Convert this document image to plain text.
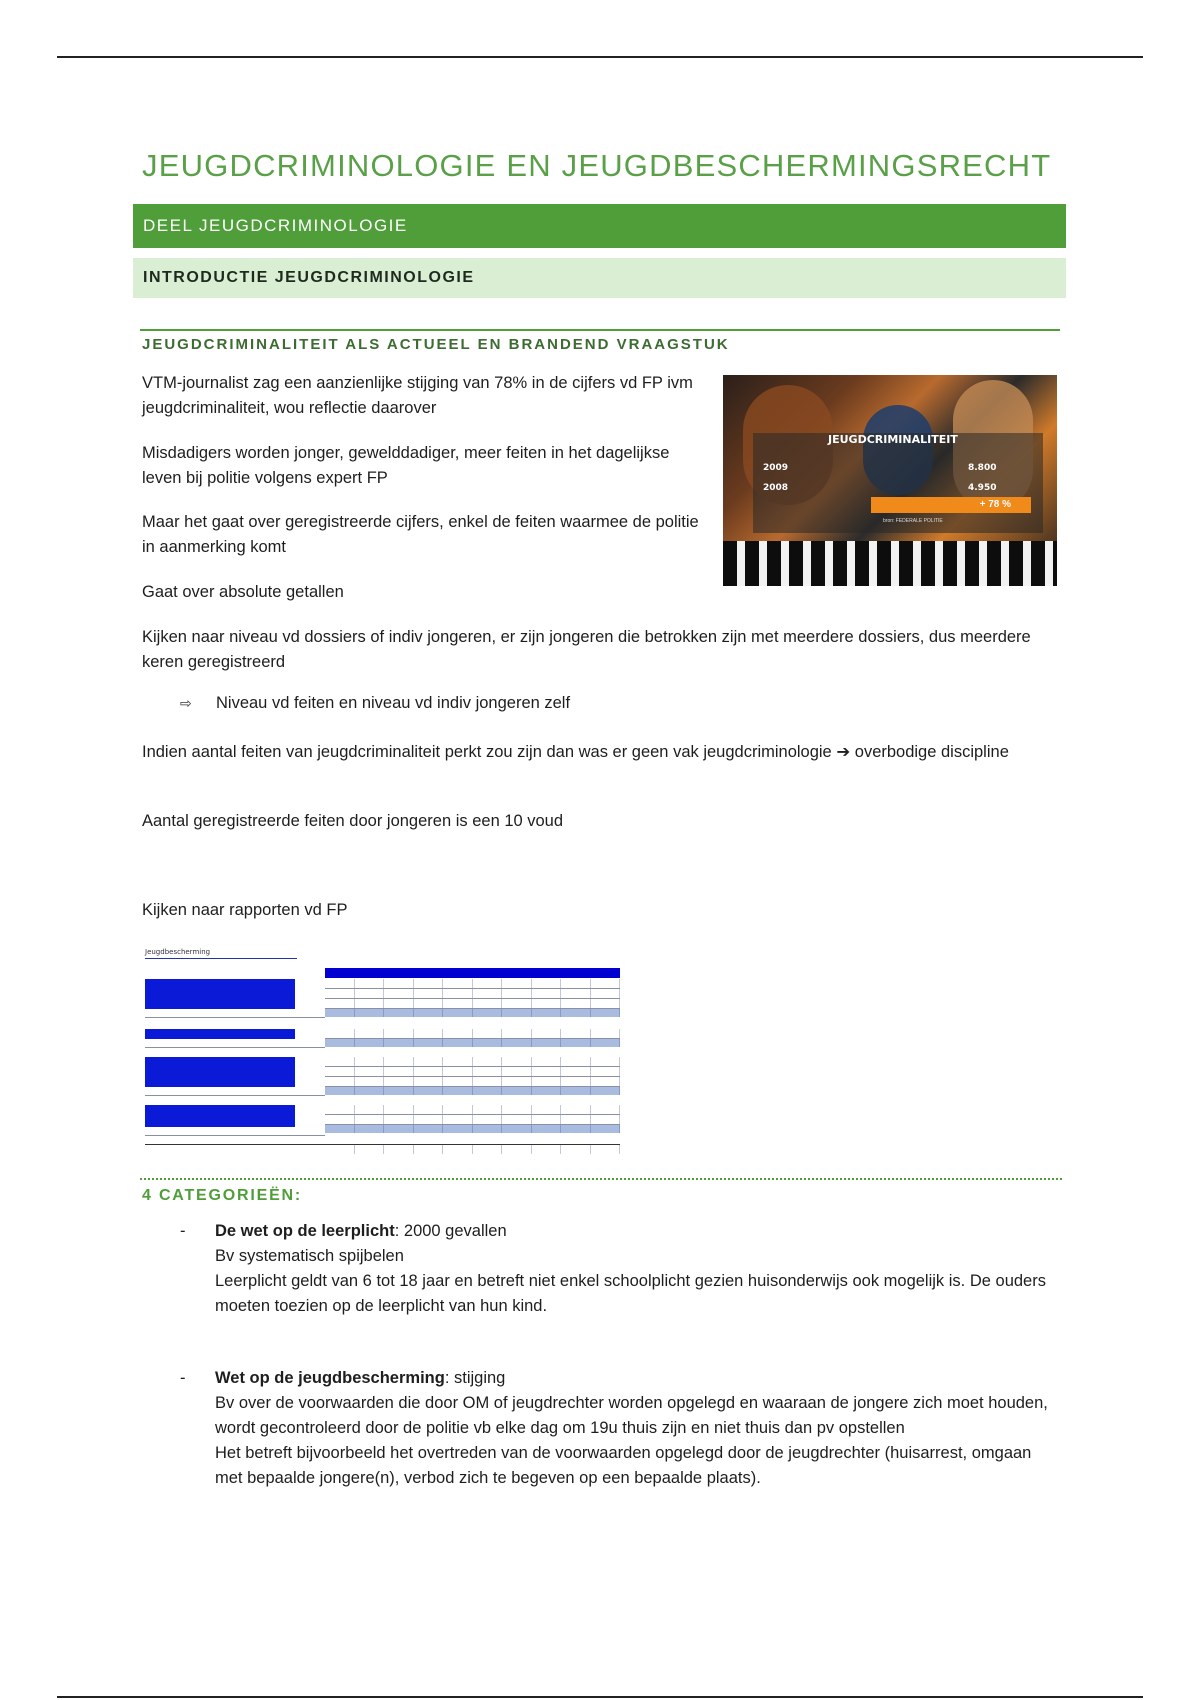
JEUGDCRIMINOLOGIE EN JEUGDBESCHERMINGSRECHT
DEEL JEUGDCRIMINOLOGIE
INTRODUCTIE JEUGDCRIMINOLOGIE
JEUGDCRIMINALITEIT ALS ACTUEEL EN BRANDEND VRAAGSTUK

VTM-journalist zag een aanzienlijke stijging van 78% in de cijfers vd FP ivm jeugdcriminaliteit, wou reflectie daarover

Misdadigers worden jonger, gewelddadiger, meer feiten in het dagelijkse leven bij politie volgens expert FP

Maar het gaat over geregistreerde cijfers, enkel de feiten waarmee de politie in aanmerking komt

JEUGDCRIMINALITEIT
2009	8.800
2008	4.950
+ 78 %
bron: FEDERALE POLITIE

Gaat over absolute getallen

Kijken naar niveau vd dossiers of indiv jongeren, er zijn jongeren die betrokken zijn met meerdere dossiers, dus meerdere keren geregistreerd

⇨	Niveau vd feiten en niveau vd indiv jongeren zelf

Indien aantal feiten van jeugdcriminaliteit perkt zou zijn dan was er geen vak jeugdcriminologie ➔ overbodige discipline

Aantal geregistreerde feiten door jongeren is een 10 voud

Kijken naar rapporten vd FP

Jeugdbescherming
4 CATEGORIEËN:
- De wet op de leerplicht: 2000 gevallen
Bv systematisch spijbelen
Leerplicht geldt van 6 tot 18 jaar en betreft niet enkel schoolplicht gezien huisonderwijs ook mogelijk is. De ouders moeten toezien op de leerplicht van hun kind.
- Wet op de jeugdbescherming: stijging
Bv over de voorwaarden die door OM of jeugdrechter worden opgelegd en waaraan de jongere zich moet houden, wordt gecontroleerd door de politie vb elke dag om 19u thuis zijn en niet thuis dan pv opstellen
Het betreft bijvoorbeeld het overtreden van de voorwaarden opgelegd door de jeugdrechter (huisarrest, omgaan met bepaalde jongere(n), verbod zich te begeven op een bepaalde plaats).
